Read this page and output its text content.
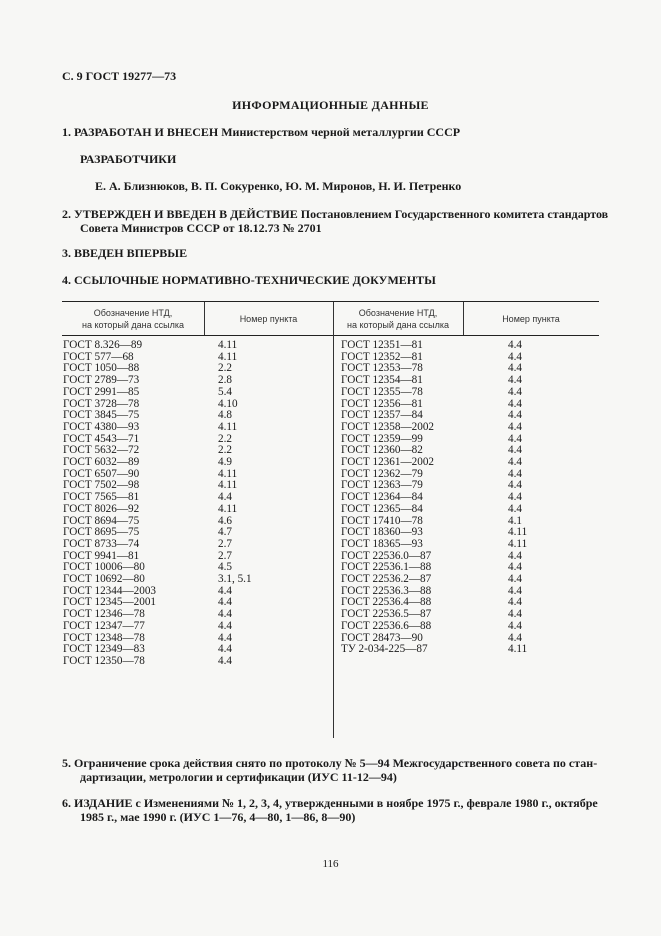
С. 9 ГОСТ 19277—73
ИНФОРМАЦИОННЫЕ ДАННЫЕ
1. РАЗРАБОТАН И ВНЕСЕН Министерством черной металлургии СССР
РАЗРАБОТЧИКИ
Е. А. Близнюков, В. П. Сокуренко, Ю. М. Миронов, Н. И. Петренко
2. УТВЕРЖДЕН И ВВЕДЕН В ДЕЙСТВИЕ Постановлением Государственного комитета стандартов
Совета Министров СССР от 18.12.73 № 2701
3. ВВЕДЕН ВПЕРВЫЕ
4. ССЫЛОЧНЫЕ НОРМАТИВНО-ТЕХНИЧЕСКИЕ ДОКУМЕНТЫ
Обозначение НТД,
на который дана ссылка
Номер пункта
Обозначение НТД,
на который дана ссылка
Номер пункта
ГОСТ 8.326—89
ГОСТ 577—68
ГОСТ 1050—88
ГОСТ 2789—73
ГОСТ 2991—85
ГОСТ 3728—78
ГОСТ 3845—75
ГОСТ 4380—93
ГОСТ 4543—71
ГОСТ 5632—72
ГОСТ 6032—89
ГОСТ 6507—90
ГОСТ 7502—98
ГОСТ 7565—81
ГОСТ 8026—92
ГОСТ 8694—75
ГОСТ 8695—75
ГОСТ 8733—74
ГОСТ 9941—81
ГОСТ 10006—80
ГОСТ 10692—80
ГОСТ 12344—2003
ГОСТ 12345—2001
ГОСТ 12346—78
ГОСТ 12347—77
ГОСТ 12348—78
ГОСТ 12349—83
ГОСТ 12350—78
4.11
4.11
2.2
2.8
5.4
4.10
4.8
4.11
2.2
2.2
4.9
4.11
4.11
4.4
4.11
4.6
4.7
2.7
2.7
4.5
3.1, 5.1
4.4
4.4
4.4
4.4
4.4
4.4
4.4
ГОСТ 12351—81
ГОСТ 12352—81
ГОСТ 12353—78
ГОСТ 12354—81
ГОСТ 12355—78
ГОСТ 12356—81
ГОСТ 12357—84
ГОСТ 12358—2002
ГОСТ 12359—99
ГОСТ 12360—82
ГОСТ 12361—2002
ГОСТ 12362—79
ГОСТ 12363—79
ГОСТ 12364—84
ГОСТ 12365—84
ГОСТ 17410—78
ГОСТ 18360—93
ГОСТ 18365—93
ГОСТ 22536.0—87
ГОСТ 22536.1—88
ГОСТ 22536.2—87
ГОСТ 22536.3—88
ГОСТ 22536.4—88
ГОСТ 22536.5—87
ГОСТ 22536.6—88
ГОСТ 28473—90
ТУ 2-034-225—87
4.4
4.4
4.4
4.4
4.4
4.4
4.4
4.4
4.4
4.4
4.4
4.4
4.4
4.4
4.4
4.1
4.11
4.11
4.4
4.4
4.4
4.4
4.4
4.4
4.4
4.4
4.11
5. Ограничение срока действия снято по протоколу № 5—94 Межгосударственного совета по стан-
дартизации, метрологии и сертификации (ИУС 11-12—94)
6. ИЗДАНИЕ с Изменениями № 1, 2, 3, 4, утвержденными в ноябре 1975 г., феврале 1980 г., октябре
1985 г., мае 1990 г. (ИУС 1—76, 4—80, 1—86, 8—90)
116
